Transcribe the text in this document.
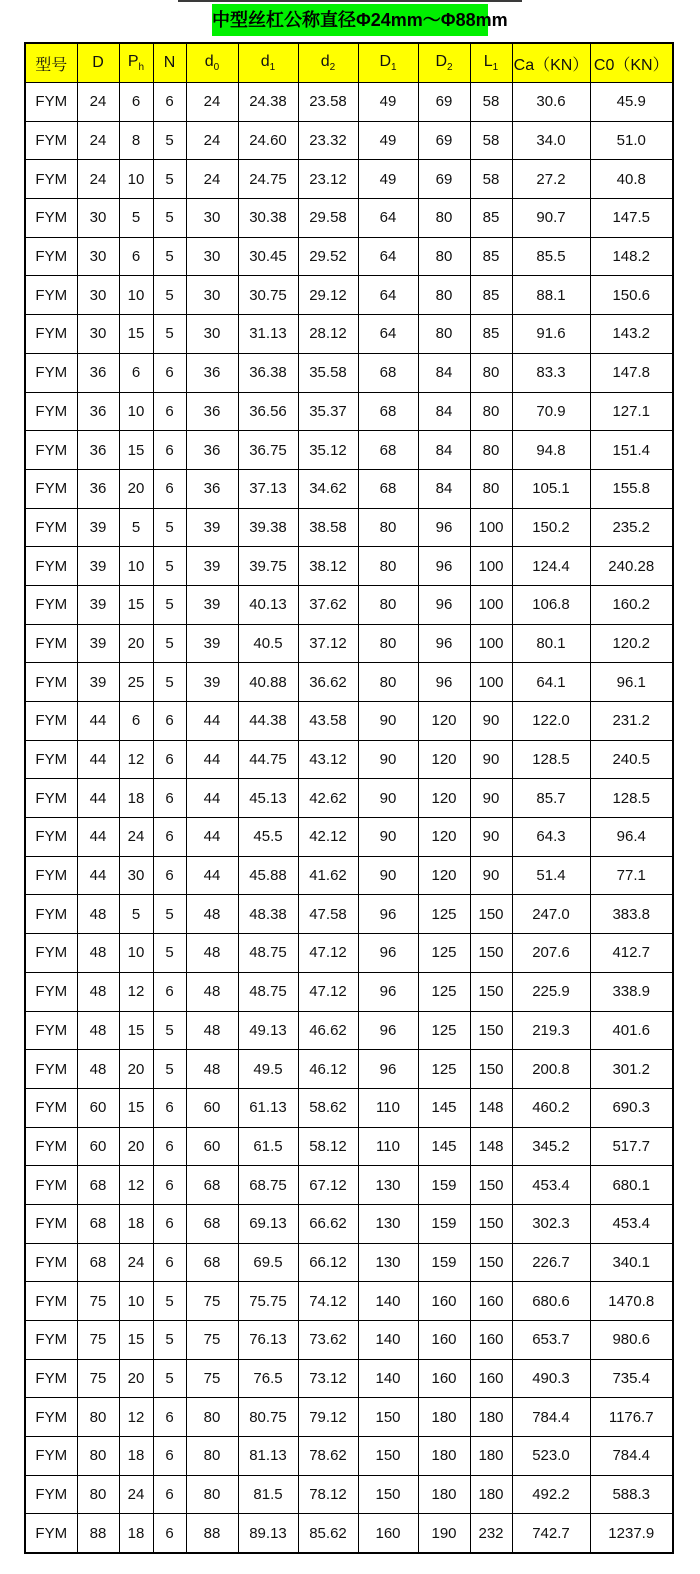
中型丝杠公称直径Φ24mm～Φ88mm
型号	D	$P_h$	N	$d_0$	$d_1$	$d_2$	$D_1$	$D_2$	$L_1$	Ca（KN）	C0（KN）
FYM	24	6	6	24	24.38	23.58	49	69	58	30.6	45.9
FYM	24	8	5	24	24.60	23.32	49	69	58	34.0	51.0
FYM	24	10	5	24	24.75	23.12	49	69	58	27.2	40.8
FYM	30	5	5	30	30.38	29.58	64	80	85	90.7	147.5
FYM	30	6	5	30	30.45	29.52	64	80	85	85.5	148.2
FYM	30	10	5	30	30.75	29.12	64	80	85	88.1	150.6
FYM	30	15	5	30	31.13	28.12	64	80	85	91.6	143.2
FYM	36	6	6	36	36.38	35.58	68	84	80	83.3	147.8
FYM	36	10	6	36	36.56	35.37	68	84	80	70.9	127.1
FYM	36	15	6	36	36.75	35.12	68	84	80	94.8	151.4
FYM	36	20	6	36	37.13	34.62	68	84	80	105.1	155.8
FYM	39	5	5	39	39.38	38.58	80	96	100	150.2	235.2
FYM	39	10	5	39	39.75	38.12	80	96	100	124.4	240.28
FYM	39	15	5	39	40.13	37.62	80	96	100	106.8	160.2
FYM	39	20	5	39	40.5	37.12	80	96	100	80.1	120.2
FYM	39	25	5	39	40.88	36.62	80	96	100	64.1	96.1
FYM	44	6	6	44	44.38	43.58	90	120	90	122.0	231.2
FYM	44	12	6	44	44.75	43.12	90	120	90	128.5	240.5
FYM	44	18	6	44	45.13	42.62	90	120	90	85.7	128.5
FYM	44	24	6	44	45.5	42.12	90	120	90	64.3	96.4
FYM	44	30	6	44	45.88	41.62	90	120	90	51.4	77.1
FYM	48	5	5	48	48.38	47.58	96	125	150	247.0	383.8
FYM	48	10	5	48	48.75	47.12	96	125	150	207.6	412.7
FYM	48	12	6	48	48.75	47.12	96	125	150	225.9	338.9
FYM	48	15	5	48	49.13	46.62	96	125	150	219.3	401.6
FYM	48	20	5	48	49.5	46.12	96	125	150	200.8	301.2
FYM	60	15	6	60	61.13	58.62	110	145	148	460.2	690.3
FYM	60	20	6	60	61.5	58.12	110	145	148	345.2	517.7
FYM	68	12	6	68	68.75	67.12	130	159	150	453.4	680.1
FYM	68	18	6	68	69.13	66.62	130	159	150	302.3	453.4
FYM	68	24	6	68	69.5	66.12	130	159	150	226.7	340.1
FYM	75	10	5	75	75.75	74.12	140	160	160	680.6	1470.8
FYM	75	15	5	75	76.13	73.62	140	160	160	653.7	980.6
FYM	75	20	5	75	76.5	73.12	140	160	160	490.3	735.4
FYM	80	12	6	80	80.75	79.12	150	180	180	784.4	1176.7
FYM	80	18	6	80	81.13	78.62	150	180	180	523.0	784.4
FYM	80	24	6	80	81.5	78.12	150	180	180	492.2	588.3
FYM	88	18	6	88	89.13	85.62	160	190	232	742.7	1237.9
